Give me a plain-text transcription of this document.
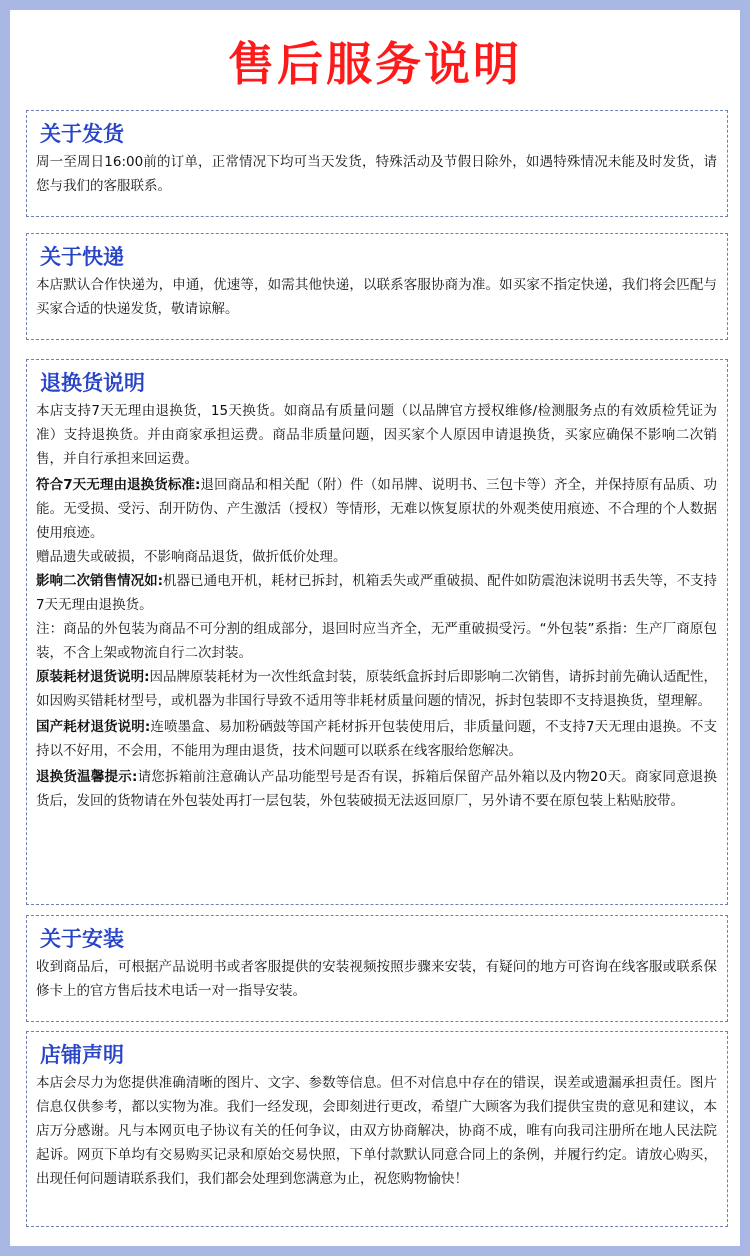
售后服务说明
关于发货
周一至周日16:00前的订单，正常情况下均可当天发货，特殊活动及节假日除外，如遇特殊情况未能及时发货，请您与我们的客服联系。
关于快递
本店默认合作快递为，申通，优速等，如需其他快递，以联系客服协商为准。如买家不指定快递，我们将会匹配与买家合适的快递发货，敬请谅解。
退换货说明
本店支持7天无理由退换货，15天换货。如商品有质量问题（以品牌官方授权维修/检测服务点的有效质检凭证为准）支持退换货。并由商家承担运费。商品非质量问题，因买家个人原因申请退换货，买家应确保不影响二次销售，并自行承担来回运费。
符合7天无理由退换货标准:退回商品和相关配（附）件（如吊牌、说明书、三包卡等）齐全，并保持原有品质、功能。无受损、受污、刮开防伪、产生激活（授权）等情形，无难以恢复原状的外观类使用痕迹、不合理的个人数据使用痕迹。
赠品遗失或破损，不影响商品退货，做折低价处理。
影响二次销售情况如:机器已通电开机，耗材已拆封，机箱丢失或严重破损、配件如防震泡沫说明书丢失等，不支持7天无理由退换货。
注：商品的外包装为商品不可分割的组成部分，退回时应当齐全，无严重破损受污。“外包装”系指：生产厂商原包装，不含上架或物流自行二次封装。
原装耗材退货说明:因品牌原装耗材为一次性纸盒封装，原装纸盒拆封后即影响二次销售，请拆封前先确认适配性，如因购买错耗材型号，或机器为非国行导致不适用等非耗材质量问题的情况，拆封包装即不支持退换货，望理解。
国产耗材退货说明:连喷墨盒、易加粉硒鼓等国产耗材拆开包装使用后，非质量问题，不支持7天无理由退换。不支持以不好用，不会用，不能用为理由退货，技术问题可以联系在线客服给您解决。
退换货温馨提示:请您拆箱前注意确认产品功能型号是否有误，拆箱后保留产品外箱以及内物20天。商家同意退换货后，发回的货物请在外包装处再打一层包装，外包装破损无法返回原厂，另外请不要在原包装上粘贴胶带。
关于安装
收到商品后，可根据产品说明书或者客服提供的安装视频按照步骤来安装，有疑问的地方可咨询在线客服或联系保修卡上的官方售后技术电话一对一指导安装。
店铺声明
本店会尽力为您提供准确清晰的图片、文字、参数等信息。但不对信息中存在的错误，误差或遗漏承担责任。图片信息仅供参考，都以实物为准。我们一经发现，会即刻进行更改，希望广大顾客为我们提供宝贵的意见和建议，本店万分感谢。凡与本网页电子协议有关的任何争议，由双方协商解决，协商不成，唯有向我司注册所在地人民法院起诉。网页下单均有交易购买记录和原始交易快照，下单付款默认同意合同上的条例，并履行约定。请放心购买，出现任何问题请联系我们，我们都会处理到您满意为止，祝您购物愉快！
